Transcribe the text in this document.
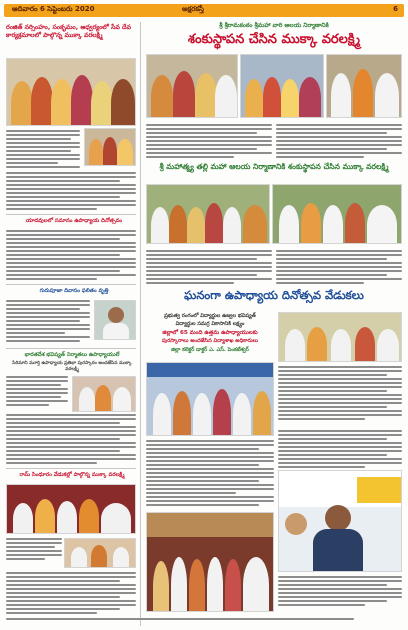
ఆదివారం 6 సెప్టెంబరు 2020	అక్షరకస్తీ	6
రంజిత్ నర్సింహం, సంకృమం, ఆధ్వర్యంలో సేవ దేవ కార్యక్రమాలలో పాల్గొన్న ముక్కా వరలక్ష్మి
యాదవులలో సమానం ఉపాధ్యాయ దినోత్సవం
గురుపూజా దివాసం ఫలితం వృత్తి
భారతదేశ భవిష్యత్ నిర్మాతలు ఉపాధ్యాయులే
సిరిమాని మూర్తి ఉపాధ్యాయ ప్రతిభా పురస్కారం అందజేసిన ముక్కా వరలక్ష్మి
రామ్ సింధూరం వేడుకల్లో పాల్గొన్న ముక్కా వరలక్ష్మి
శ్రీ శ్రీరామకంఠం శ్రీమహా వారి ఆలయ నిర్మాణానికి
శంకుస్థాపన చేసిన ముక్కా వరలక్ష్మి
శ్రీ మహాత్మ్య తల్లి మహా ఆలయ నిర్మాణానికి శంకుస్థాపన చేసిన ముక్కా వరలక్ష్మి
ఘనంగా ఉపాధ్యాయ దినోత్సవ వేడుకలు
ప్రభుత్వ రంగంలో విద్యార్థుల ఉజ్వల భవిష్యత్
విద్యార్థుల సమగ్ర వికాసానికి లక్ష్యం
జిల్లాలో 65 మంది ఉత్తమ ఉపాధ్యాయులకు
పురస్కారాలు అందజేసిన విద్యాశాఖ అధికారులు
జిల్లా కలెక్టర్ డాక్టర్ ఎ. ఎస్. పెంకటేశ్వర్
